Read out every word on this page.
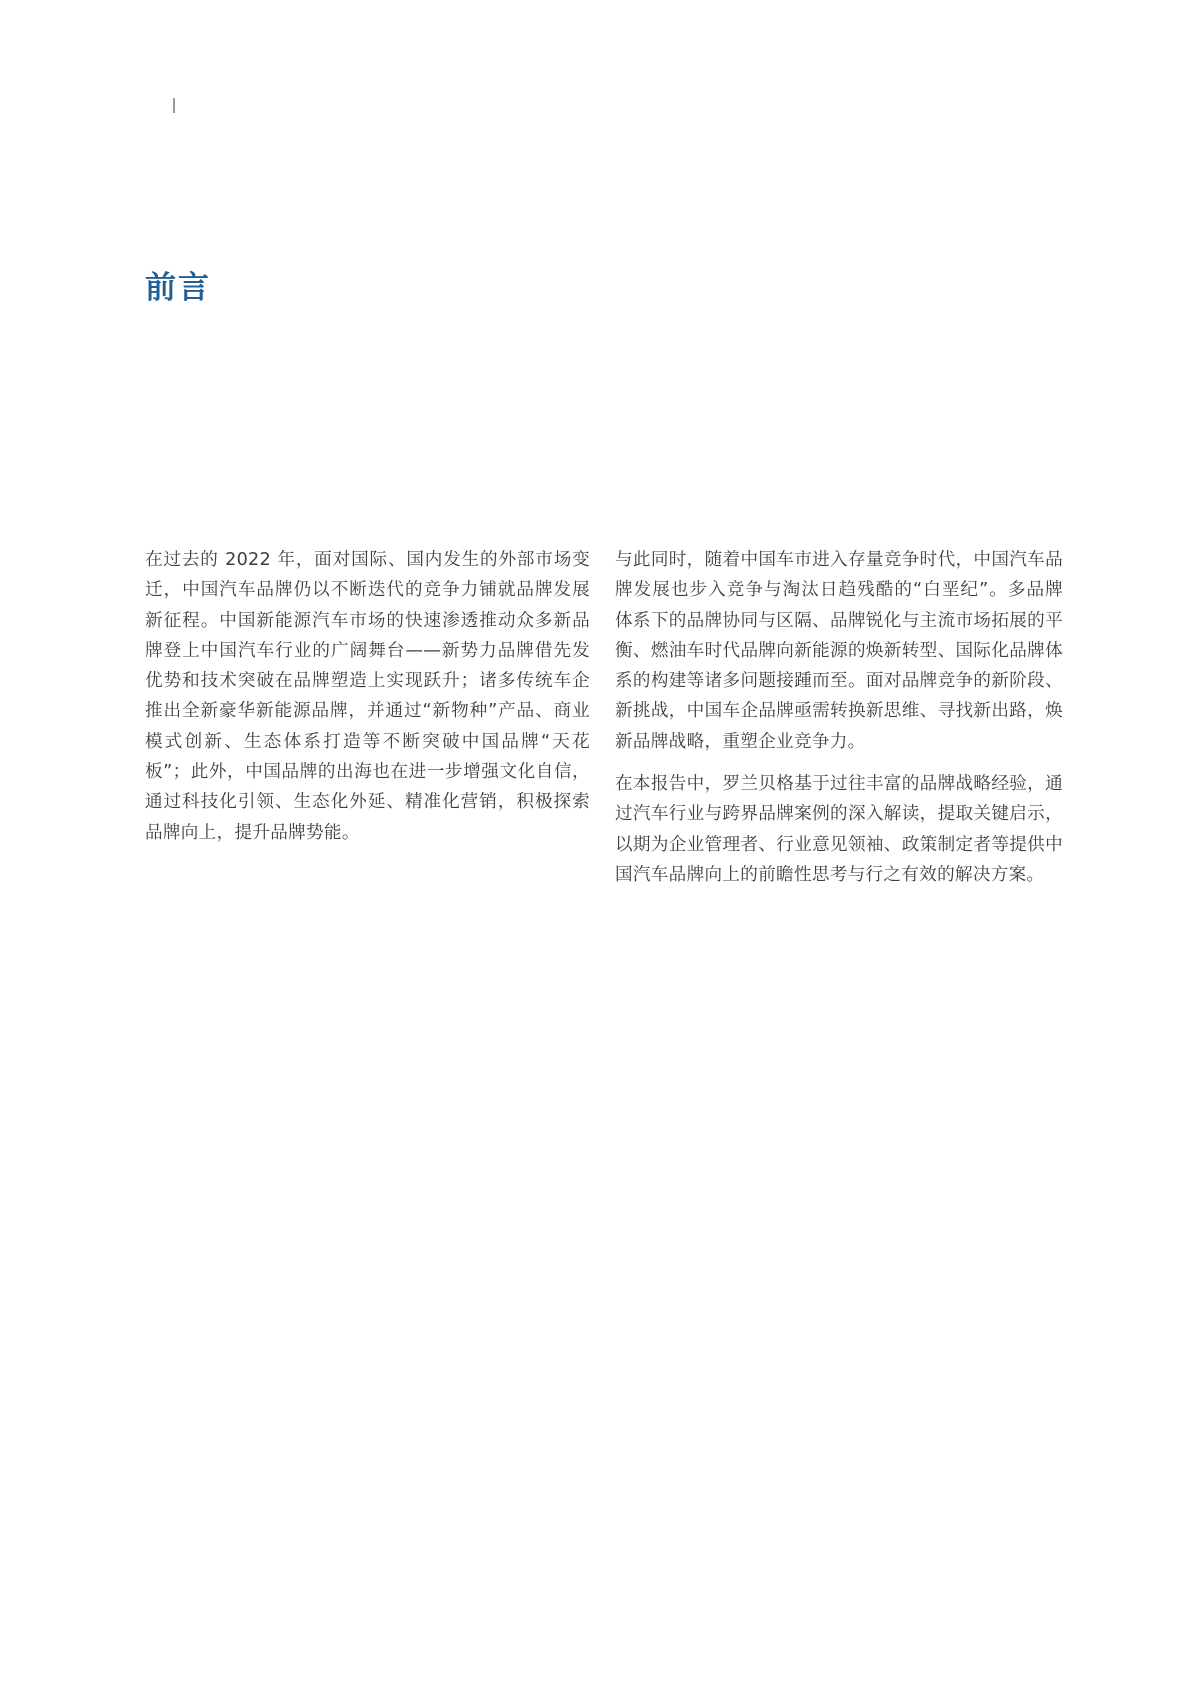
前言

在过去的 2022 年，面对国际、国内发生的外部市场变迁，中国汽车品牌仍以不断迭代的竞争力铺就品牌发展新征程。中国新能源汽车市场的快速渗透推动众多新品牌登上中国汽车行业的广阔舞台——新势力品牌借先发优势和技术突破在品牌塑造上实现跃升；诸多传统车企推出全新豪华新能源品牌，并通过“新物种”产品、商业模式创新、生态体系打造等不断突破中国品牌“天花板”；此外，中国品牌的出海也在进一步增强文化自信，通过科技化引领、生态化外延、精准化营销，积极探索品牌向上，提升品牌势能。

与此同时，随着中国车市进入存量竞争时代，中国汽车品牌发展也步入竞争与淘汰日趋残酷的“白垩纪”。多品牌体系下的品牌协同与区隔、品牌锐化与主流市场拓展的平衡、燃油车时代品牌向新能源的焕新转型、国际化品牌体系的构建等诸多问题接踵而至。面对品牌竞争的新阶段、新挑战，中国车企品牌亟需转换新思维、寻找新出路，焕新品牌战略，重塑企业竞争力。

在本报告中，罗兰贝格基于过往丰富的品牌战略经验，通过汽车行业与跨界品牌案例的深入解读，提取关键启示，以期为企业管理者、行业意见领袖、政策制定者等提供中国汽车品牌向上的前瞻性思考与行之有效的解决方案。
